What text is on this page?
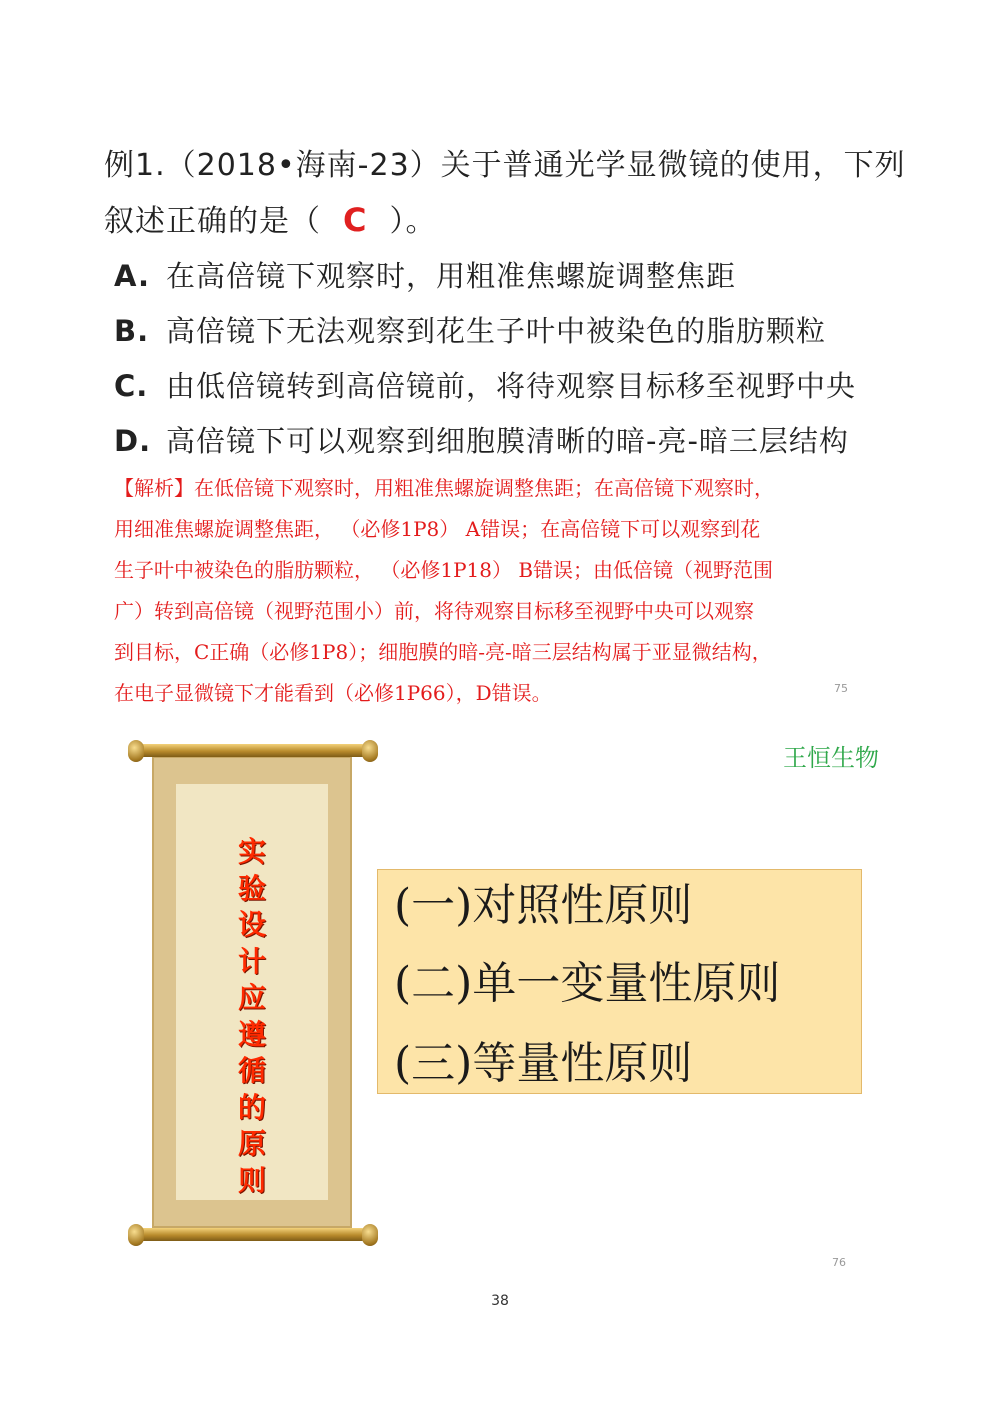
例1.（2018•海南-23）关于普通光学显微镜的使用，下列
叙述正确的是（ C ）。
A. 在高倍镜下观察时，用粗准焦螺旋调整焦距
B. 高倍镜下无法观察到花生子叶中被染色的脂肪颗粒
C. 由低倍镜转到高倍镜前，将待观察目标移至视野中央
D. 高倍镜下可以观察到细胞膜清晰的暗-亮-暗三层结构
【解析】在低倍镜下观察时，用粗准焦螺旋调整焦距；在高倍镜下观察时，
用细准焦螺旋调整焦距， （必修1P8） A错误；在高倍镜下可以观察到花
生子叶中被染色的脂肪颗粒， （必修1P18） B错误；由低倍镜（视野范围
广）转到高倍镜（视野范围小）前，将待观察目标移至视野中央可以观察
到目标，C正确（必修1P8）；细胞膜的暗-亮-暗三层结构属于亚显微结构，
在电子显微镜下才能看到（必修1P66），D错误。	75
王恒生物
实
验
设
计
应
遵
循
的
原
则
(一)对照性原则
(二)单一变量性原则
(三)等量性原则
76
38
